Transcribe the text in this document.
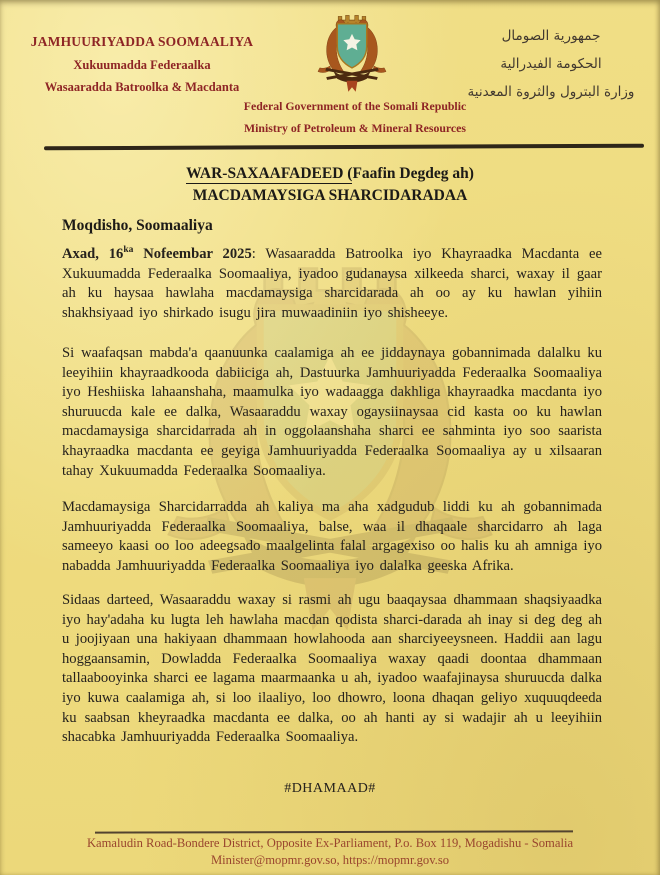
JAMHUURIYADDA SOOMAALIYA
Xukuumadda Federaalka
Wasaaradda Batroolka & Macdanta
جمهورية الصومال
الحكومة الفيدرالية
وزارة البترول والثروة المعدنية
Federal Government of the Somali Republic
Ministry of Petroleum & Mineral Resources
WAR-SAXAAFADEED (Faafin Degdeg ah)
MACDAMAYSIGA SHARCIDARADAA
Moqdisho, Soomaaliya
Axad, $16^{ka}$ Nofeembar 2025: Wasaaradda Batroolka iyo Khayraadka Macdanta ee Xukuumadda Federaalka Soomaaliya, iyadoo gudanaysa xilkeeda sharci, waxay il gaar ah ku haysaa hawlaha macdamaysiga sharcidarada ah oo ay ku hawlan yihiin shakhsiyaad iyo shirkado isugu jira muwaadiniin iyo shisheeye.
Si waafaqsan mabda'a qaanuunka caalamiga ah ee jiddaynaya gobannimada dalalku ku leeyihiin khayraadkooda dabiiciga ah, Dastuurka Jamhuuriyadda Federaalka Soomaaliya iyo Heshiiska lahaanshaha, maamulka iyo wadaagga dakhliga khayraadka macdanta iyo shuruucda kale ee dalka, Wasaaraddu waxay ogaysiinaysaa cid kasta oo ku hawlan macdamaysiga sharcidarrada ah in oggolaanshaha sharci ee sahminta iyo soo saarista khayraadka macdanta ee geyiga Jamhuuriyadda Federaalka Soomaaliya ay u xilsaaran tahay Xukuumadda Federaalka Soomaaliya.
Macdamaysiga Sharcidarradda ah kaliya ma aha xadgudub liddi ku ah gobannimada Jamhuuriyadda Federaalka Soomaaliya, balse, waa il dhaqaale sharcidarro ah laga sameeyo kaasi oo loo adeegsado maalgelinta falal argagexiso oo halis ku ah amniga iyo nabadda Jamhuuriyadda Federaalka Soomaaliya iyo dalalka geeska Afrika.
Sidaas darteed, Wasaaraddu waxay si rasmi ah ugu baaqaysaa dhammaan shaqsiyaadka iyo hay'adaha ku lugta leh hawlaha macdan qodista sharci-darada ah inay si deg deg ah u joojiyaan una hakiyaan dhammaan howlahooda aan sharciyeeysneen. Haddii aan lagu hoggaansamin, Dowladda Federaalka Soomaaliya waxay qaadi doontaa dhammaan tallaabooyinka sharci ee lagama maarmaanka u ah, iyadoo waafajinaysa shuruucda dalka iyo kuwa caalamiga ah, si loo ilaaliyo, loo dhowro, loona dhaqan geliyo xuquuqdeeda ku saabsan kheyraadka macdanta ee dalka, oo ah hanti ay si wadajir ah u leeyihiin shacabka Jamhuuriyadda Federaalka Soomaaliya.
#DHAMAAD#
Kamaludin Road-Bondere District, Opposite Ex-Parliament, P.o. Box 119, Mogadishu - Somalia
Minister@mopmr.gov.so, https://mopmr.gov.so
